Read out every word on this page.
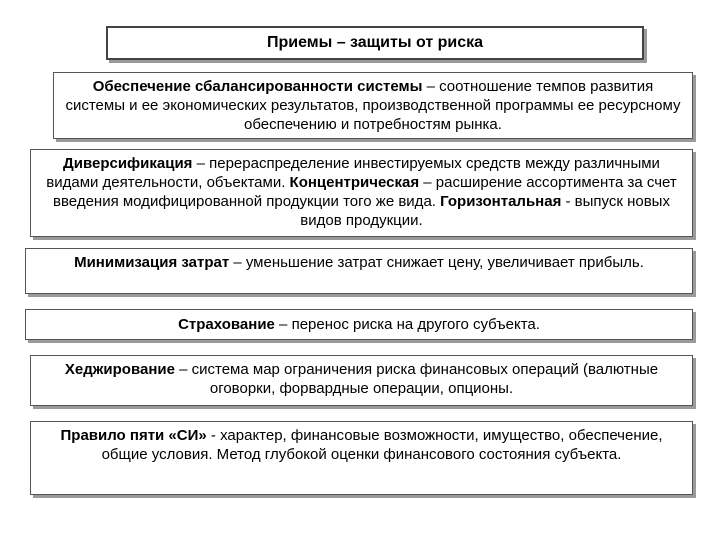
Приемы – защиты от риска
Обеспечение сбалансированности системы – соотношение темпов развития системы и ее экономических результатов, производственной программы ее ресурсному обеспечению и потребностям рынка.
Диверсификация – перераспределение инвестируемых средств между различными видами деятельности, объектами. Концентрическая – расширение ассортимента за счет введения модифицированной продукции того же вида. Горизонтальная - выпуск новых видов продукции.
Минимизация затрат – уменьшение затрат снижает цену, увеличивает прибыль.
Страхование – перенос риска на другого субъекта.
Хеджирование – система мар ограничения риска финансовых операций (валютные оговорки, форвардные операции, опционы.
Правило пяти «СИ» - характер, финансовые возможности, имущество, обеспечение, общие условия. Метод глубокой оценки финансового состояния субъекта.
